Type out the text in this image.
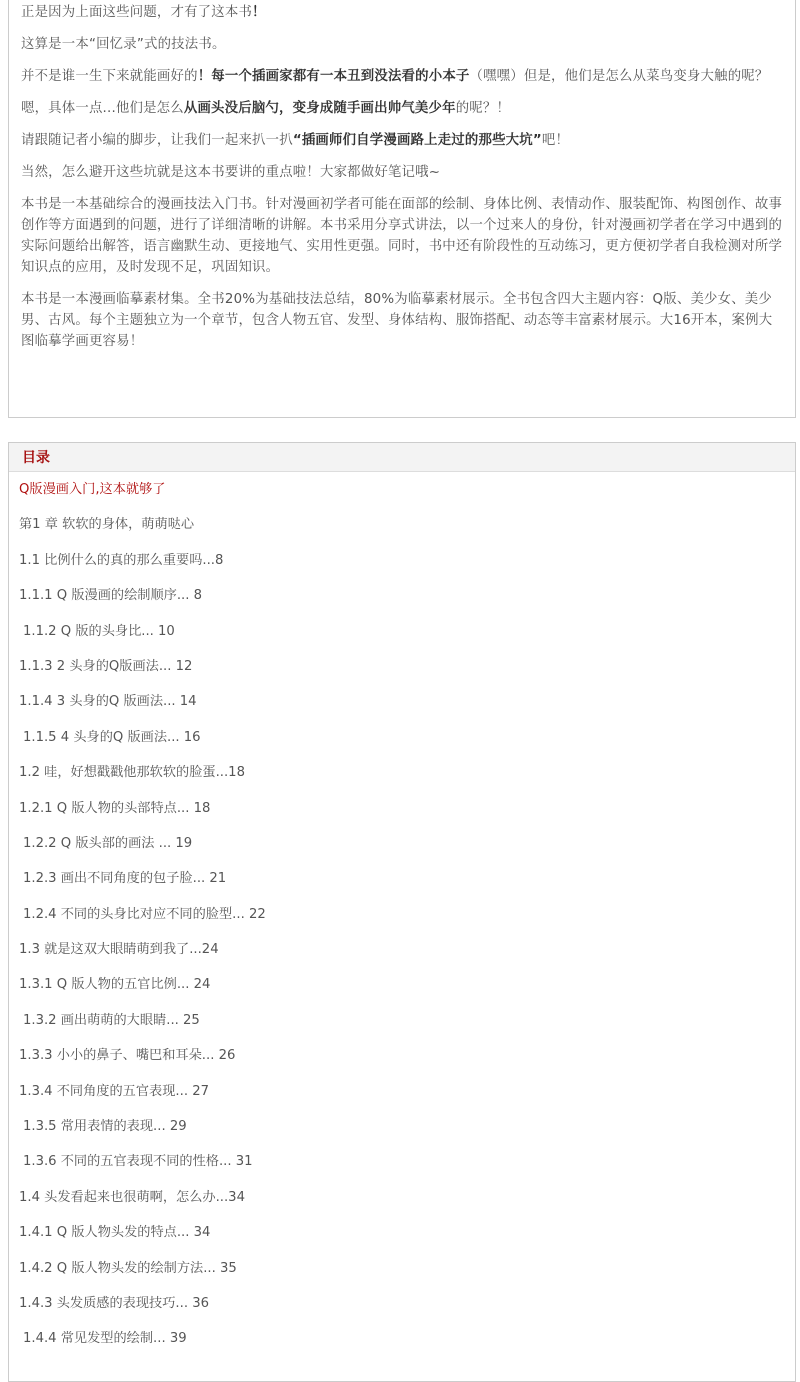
正是因为上面这些问题，才有了这本书！

这算是一本“回忆录”式的技法书。

并不是谁一生下来就能画好的！每一个插画家都有一本丑到没法看的小本子（嘿嘿）但是，他们是怎么从菜鸟变身大触的呢？

嗯，具体一点...他们是怎么从画头没后脑勺，变身成随手画出帅气美少年的呢？！

请跟随记者小编的脚步，让我们一起来扒一扒“插画师们自学漫画路上走过的那些大坑”吧！

当然，怎么避开这些坑就是这本书要讲的重点啦！大家都做好笔记哦~

本书是一本基础综合的漫画技法入门书。针对漫画初学者可能在面部的绘制、身体比例、表情动作、服装配饰、构图创作、故事创作等方面遇到的问题，进行了详细清晰的讲解。本书采用分享式讲法，以一个过来人的身份，针对漫画初学者在学习中遇到的实际问题给出解答，语言幽默生动、更接地气、实用性更强。同时，书中还有阶段性的互动练习，更方便初学者自我检测对所学知识点的应用，及时发现不足，巩固知识。

本书是一本漫画临摹素材集。全书20%为基础技法总结，80%为临摹素材展示。全书包含四大主题内容：Q版、美少女、美少男、古风。每个主题独立为一个章节，包含人物五官、发型、身体结构、服饰搭配、动态等丰富素材展示。大16开本，案例大图临摹学画更容易！

目录
Q版漫画入门,这本就够了
第1 章 软软的身体，萌萌哒心
1.1 比例什么的真的那么重要吗...8
1.1.1 Q 版漫画的绘制顺序... 8
1.1.2 Q 版的头身比... 10
1.1.3 2 头身的Q版画法... 12
1.1.4 3 头身的Q 版画法... 14
1.1.5 4 头身的Q 版画法... 16
1.2 哇，好想戳戳他那软软的脸蛋...18
1.2.1 Q 版人物的头部特点... 18
1.2.2 Q 版头部的画法 ... 19
1.2.3 画出不同角度的包子脸... 21
1.2.4 不同的头身比对应不同的脸型... 22
1.3 就是这双大眼睛萌到我了...24
1.3.1 Q 版人物的五官比例... 24
1.3.2 画出萌萌的大眼睛... 25
1.3.3 小小的鼻子、嘴巴和耳朵... 26
1.3.4 不同角度的五官表现... 27
1.3.5 常用表情的表现... 29
1.3.6 不同的五官表现不同的性格... 31
1.4 头发看起来也很萌啊，怎么办...34
1.4.1 Q 版人物头发的特点... 34
1.4.2 Q 版人物头发的绘制方法... 35
1.4.3 头发质感的表现技巧... 36
1.4.4 常见发型的绘制... 39
